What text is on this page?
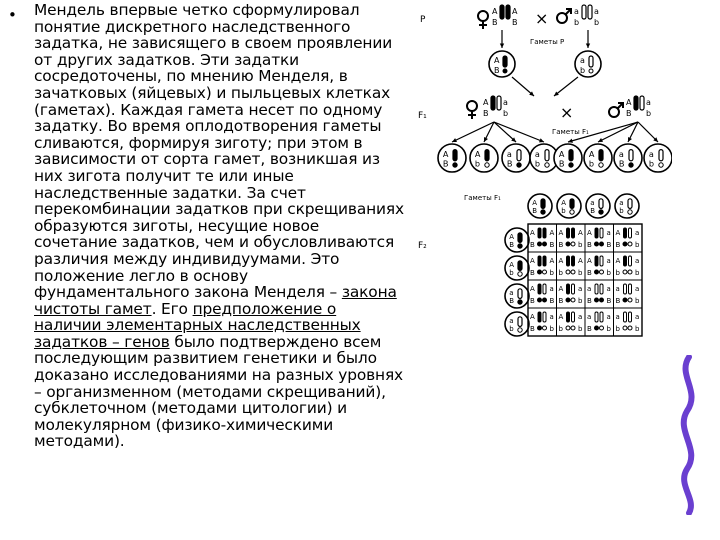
• Мендель впервые четко сформулировал понятие дискретного наследственного задатка, не зависящего в своем проявлении от других задатков. Эти задатки сосредоточены, по мнению Менделя, в зачатковых (яйцевых) и пыльцевых клетках (гаметах). Каждая гамета несет по одному задатку. Во время оплодотворения гаметы сливаются, формируя зиготу; при этом в зависимости от сорта гамет, возникшая из них зигота получит те или иные наследственные задатки. За счет перекомбинации задатков при скрещиваниях образуются зиготы, несущие новое сочетание задатков, чем и обусловливаются различия между индивидуумами. Это положение легло в основу фундаментального закона Менделя – закона чистоты гамет. Его предположение о наличии элементарных наследственных задатков – генов было подтверждено всем последующим развитием генетики и было доказано исследованиями на разных уровнях – организменном (методами скрещиваний), субклеточном (методами цитологии) и молекулярном (физико-химическими методами).
P
F₁
F₂
A
B
A
B ×	a
b
a
b
Гаметы P
A
B
a
b
A
B
a
b	×
A
B
a
b
Гаметы F₁
A
B
A
b
a
B
a
b
A
B
A
b
a
B
a
b
Гаметы F₁
A
B
A
b
a
B
a
b
A
B
A
b
a
B
a
b
A
B
A
B
A
B
A
b
A
B
a
B
A
B
a
b
A
B
A
b
A
b
A
b
A
B
a
b
A
b
a
b
A
B
a
B
A
B
a
b
a
B
a
B
a
B
a
b
A
B
a
b
A
b
a
b
a
B
a
b
a
b
a
b
